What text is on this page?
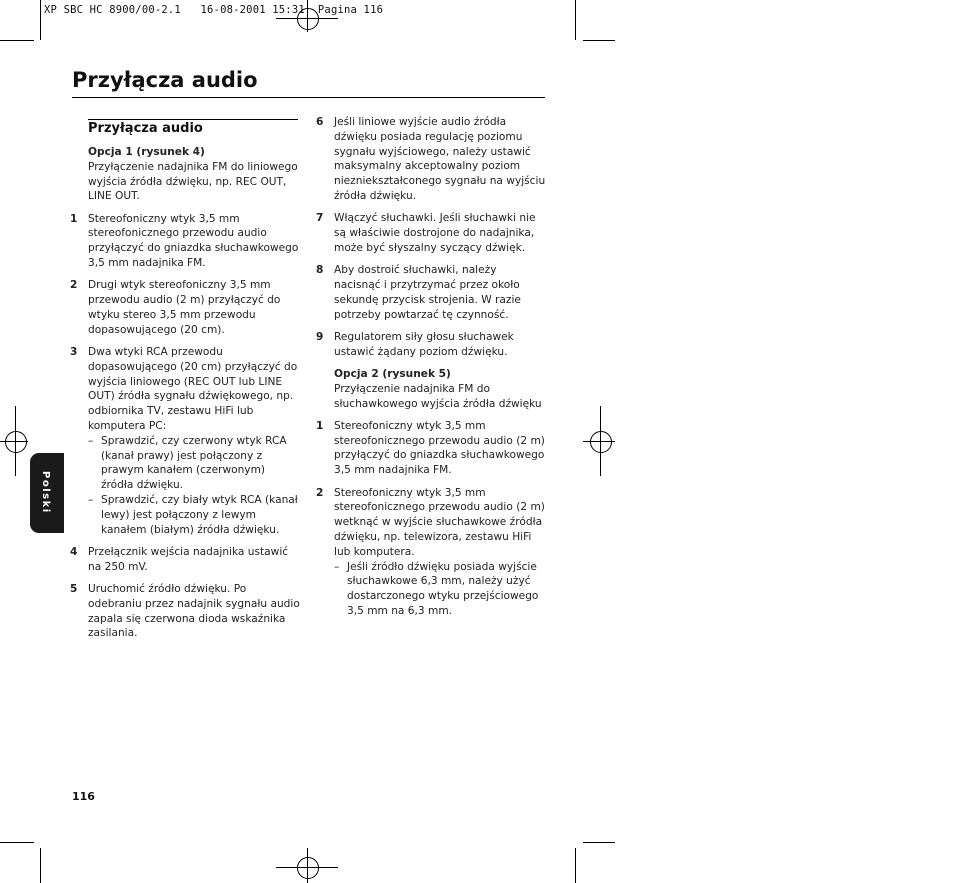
XP SBC HC 8900/00-2.1   16-08-2001 15:31  Pagina 116
Przyłącza audio
Przyłącza audio

Opcja 1 (rysunek 4)

Przyłączenie nadajnika FM do liniowego wyjścia źródła dźwięku, np. REC OUT, LINE OUT.

1 Stereofoniczny wtyk 3,5 mm stereofonicznego przewodu audio przyłączyć do gniazdka słuchawkowego 3,5 mm nadajnika FM.

2 Drugi wtyk stereofoniczny 3,5 mm przewodu audio (2 m) przyłączyć do wtyku stereo 3,5 mm przewodu dopasowującego (20 cm).

3 Dwa wtyki RCA przewodu dopasowującego (20 cm) przyłączyć do wyjścia liniowego (REC OUT lub LINE OUT) źródła sygnału dźwiękowego, np. odbiornika TV, zestawu HiFi lub komputera PC:

– Sprawdzić, czy czerwony wtyk RCA (kanał prawy) jest połączony z prawym kanałem (czerwonym) źródła dźwięku.

– Sprawdzić, czy biały wtyk RCA (kanał lewy) jest połączony z lewym kanałem (białym) źródła dźwięku.

4 Przełącznik wejścia nadajnika ustawić na 250 mV.

5 Uruchomić źródło dźwięku. Po odebraniu przez nadajnik sygnału audio zapala się czerwona dioda wskaźnika zasilania.

6 Jeśli liniowe wyjście audio źródła dźwięku posiada regulację poziomu sygnału wyjściowego, należy ustawić maksymalny akceptowalny poziom niezniekształconego sygnału na wyjściu źródła dźwięku.

7 Włączyć słuchawki. Jeśli słuchawki nie są właściwie dostrojone do nadajnika, może być słyszalny syczący dźwięk.

8 Aby dostroić słuchawki, należy nacisnąć i przytrzymać przez około sekundę przycisk strojenia. W razie potrzeby powtarzać tę czynność.

9 Regulatorem siły głosu słuchawek ustawić żądany poziom dźwięku.

Opcja 2 (rysunek 5)

Przyłączenie nadajnika FM do słuchawkowego wyjścia źródła dźwięku

1 Stereofoniczny wtyk 3,5 mm stereofonicznego przewodu audio (2 m) przyłączyć do gniazdka słuchawkowego 3,5 mm nadajnika FM.

2 Stereofoniczny wtyk 3,5 mm stereofonicznego przewodu audio (2 m) wetknąć w wyjście słuchawkowe źródła dźwięku, np. telewizora, zestawu HiFi lub komputera.

– Jeśli źródło dźwięku posiada wyjście słuchawkowe 6,3 mm, należy użyć dostarczonego wtyku przejściowego 3,5 mm na 6,3 mm.

Polski
116
